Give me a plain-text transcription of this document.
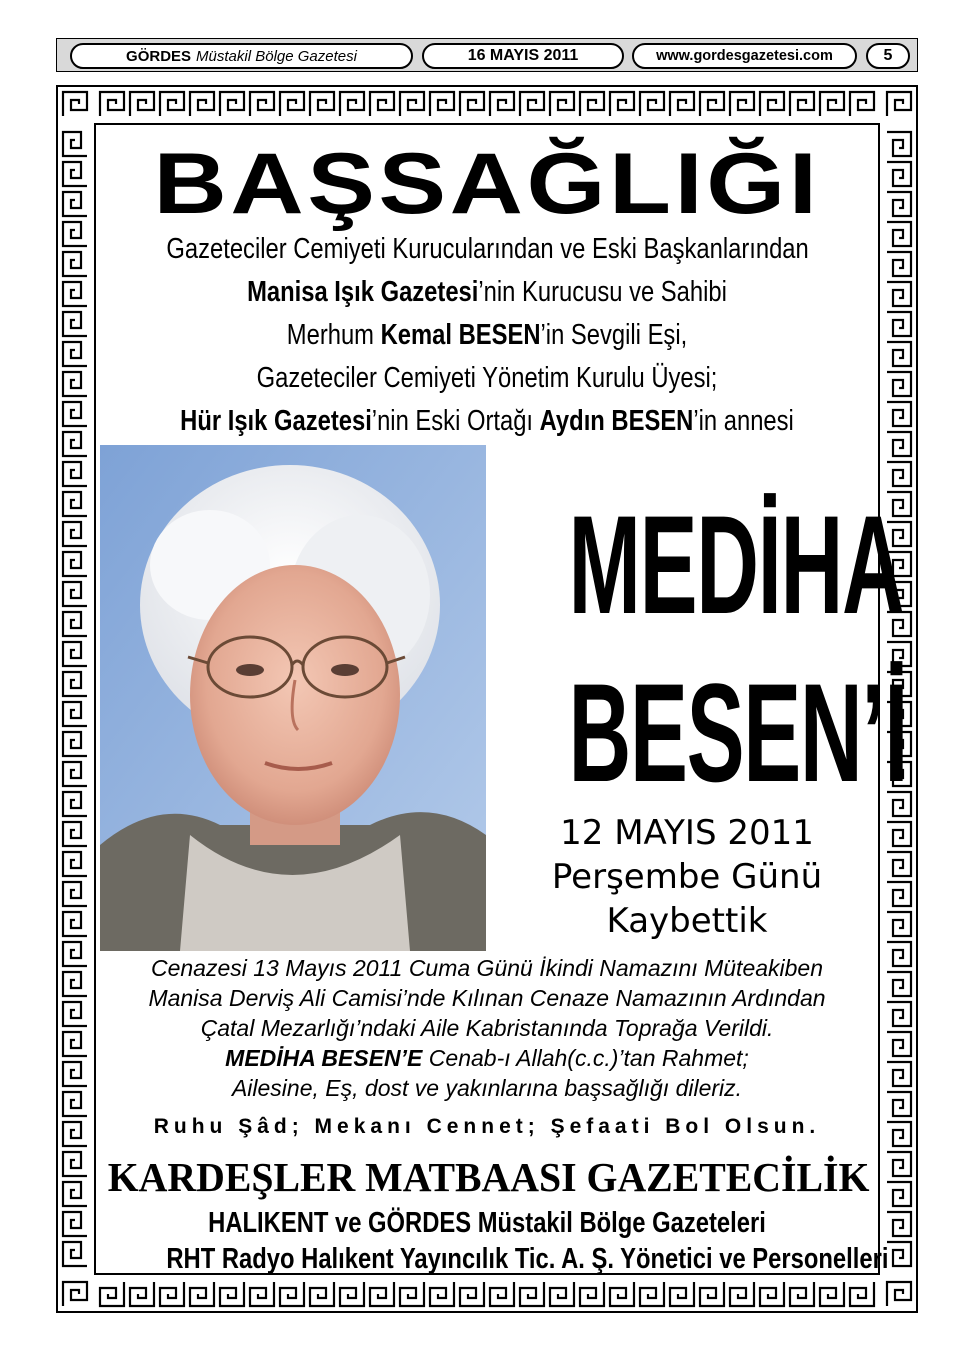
GÖRDES Müstakil Bölge Gazetesi	16 MAYIS 2011	www.gordesgazetesi.com	5
BAŞSAĞLIĞI
Gazeteciler Cemiyeti Kurucularından ve Eski Başkanlarından
Manisa Işık Gazetesi’nin Kurucusu ve Sahibi
Merhum Kemal BESEN’in Sevgili Eşi,
Gazeteciler Cemiyeti Yönetim Kurulu Üyesi;
Hür Işık Gazetesi’nin Eski Ortağı Aydın BESEN’in annesi
MEDİHA
BESEN’İ
12 MAYIS 2011
Perşembe Günü
Kaybettik
Cenazesi 13 Mayıs 2011 Cuma Günü İkindi Namazını Müteakiben
Manisa Derviş Ali Camisi’nde Kılınan Cenaze Namazının Ardından
Çatal Mezarlığı’ndaki Aile Kabristanında Toprağa Verildi.
MEDİHA BESEN’E Cenab-ı Allah(c.c.)’tan Rahmet;
Ailesine, Eş, dost ve yakınlarına başsağlığı dileriz.
Ruhu Şâd; Mekanı Cennet; Şefaati Bol Olsun.
KARDEŞLER MATBAASI GAZETECİLİK
HALIKENT ve GÖRDES Müstakil Bölge Gazeteleri
RHT Radyo Halıkent Yayıncılık Tic. A. Ş. Yönetici ve Personelleri
